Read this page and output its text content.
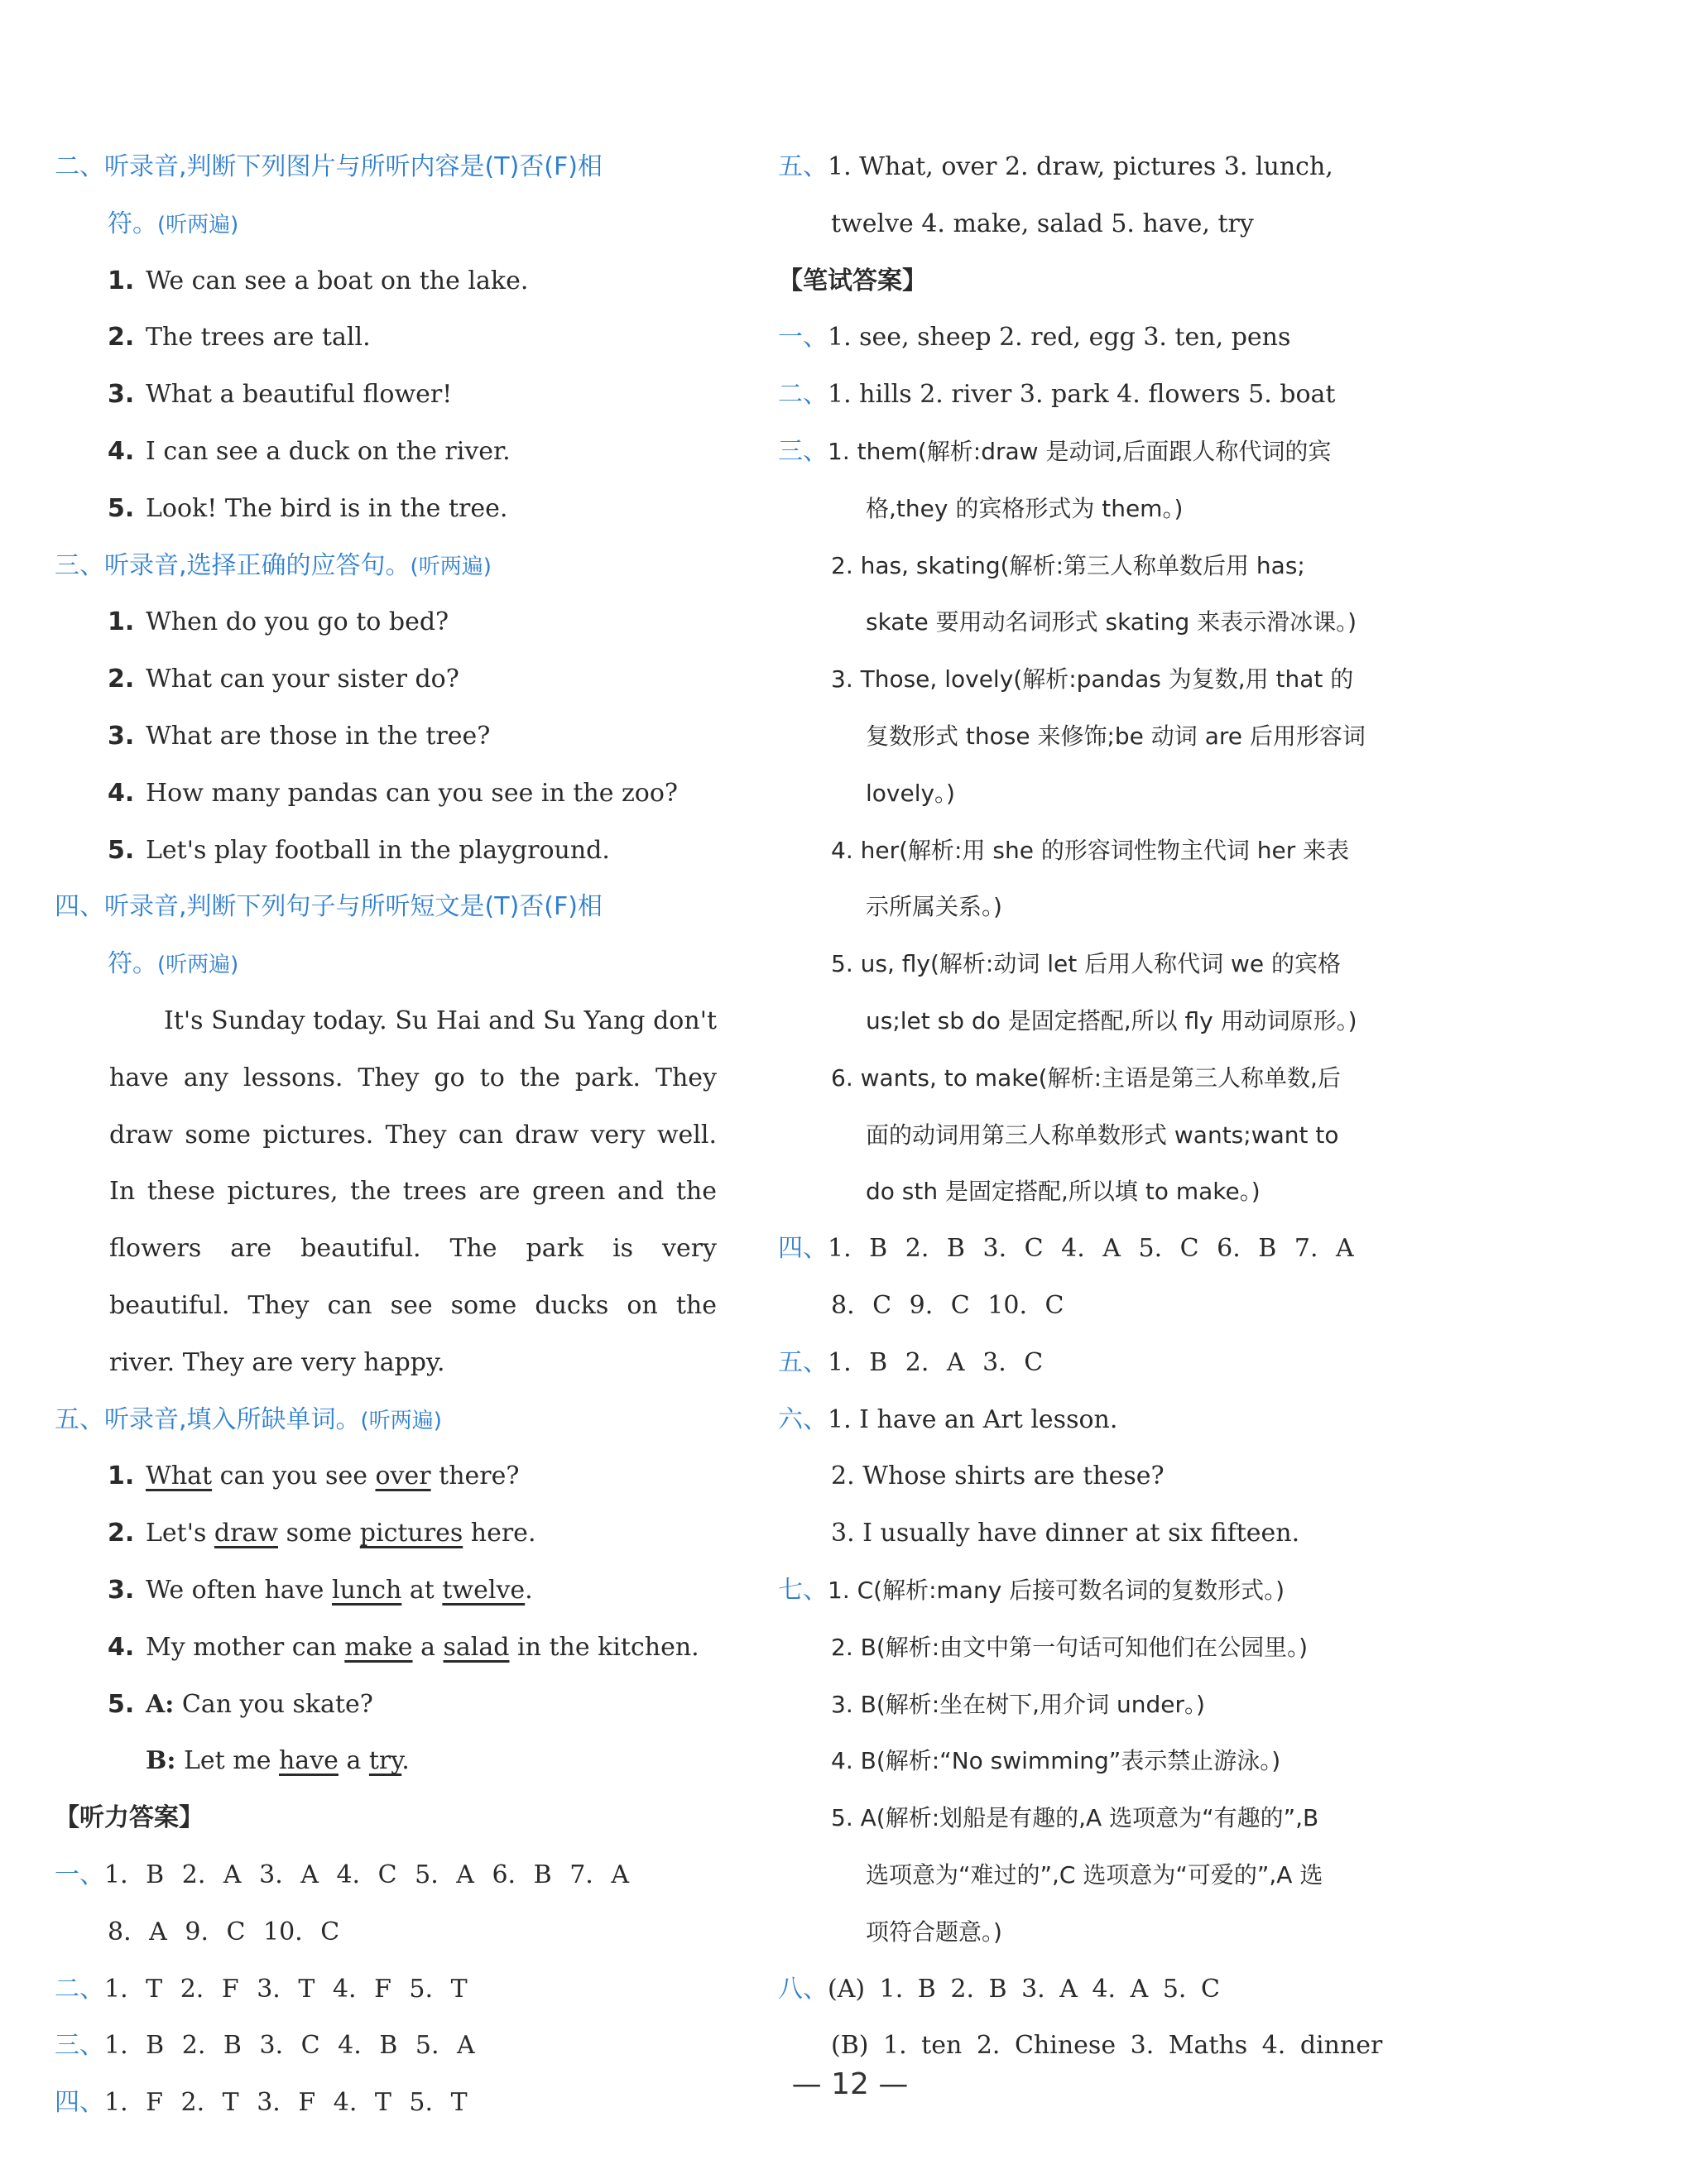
二、听录音,判断下列图片与所听内容是(T)否(F)相
符。(听两遍)
1. We can see a boat on the lake.
2. The trees are tall.
3. What a beautiful flower!
4. I can see a duck on the river.
5. Look! The bird is in the tree.
三、听录音,选择正确的应答句。(听两遍)
1. When do you go to bed?
2. What can your sister do?
3. What are those in the tree?
4. How many pandas can you see in the zoo?
5. Let's play football in the playground.
四、听录音,判断下列句子与所听短文是(T)否(F)相
符。(听两遍)
It's Sunday today. Su Hai and Su Yang don't have any lessons. They go to the park. They draw some pictures. They can draw very well. In these pictures, the trees are green and the flowers are beautiful. The park is very beautiful. They can see some ducks on the river. They are very happy.
五、听录音,填入所缺单词。(听两遍)
1. What can you see over there?
2. Let's draw some pictures here.
3. We often have lunch at twelve.
4. My mother can make a salad in the kitchen.
5. A: Can you skate?
B: Let me have a try.
【听力答案】
一、1. B 2. A 3. A 4. C 5. A 6. B 7. A
8. A 9. C 10. C
二、1. T 2. F 3. T 4. F 5. T
三、1. B 2. B 3. C 4. B 5. A
四、1. F 2. T 3. F 4. T 5. T
五、1. What, over 2. draw, pictures 3. lunch,
twelve 4. make, salad 5. have, try
【笔试答案】
一、1. see, sheep 2. red, egg 3. ten, pens
二、1. hills 2. river 3. park 4. flowers 5. boat
三、1. them(解析:draw 是动词,后面跟人称代词的宾
格,they 的宾格形式为 them。)
2. has, skating(解析:第三人称单数后用 has;
skate 要用动名词形式 skating 来表示滑冰课。)
3. Those, lovely(解析:pandas 为复数,用 that 的
复数形式 those 来修饰;be 动词 are 后用形容词
lovely。)
4. her(解析:用 she 的形容词性物主代词 her 来表
示所属关系。)
5. us, fly(解析:动词 let 后用人称代词 we 的宾格
us;let sb do 是固定搭配,所以 fly 用动词原形。)
6. wants, to make(解析:主语是第三人称单数,后
面的动词用第三人称单数形式 wants;want to
do sth 是固定搭配,所以填 to make。)
四、1. B 2. B 3. C 4. A 5. C 6. B 7. A
8. C 9. C 10. C
五、1. B 2. A 3. C
六、1. I have an Art lesson.
2. Whose shirts are these?
3. I usually have dinner at six fifteen.
七、1. C(解析:many 后接可数名词的复数形式。)
2. B(解析:由文中第一句话可知他们在公园里。)
3. B(解析:坐在树下,用介词 under。)
4. B(解析:“No swimming”表示禁止游泳。)
5. A(解析:划船是有趣的,A 选项意为“有趣的”,B
选项意为“难过的”,C 选项意为“可爱的”,A 选
项符合题意。)
八、(A) 1. B 2. B 3. A 4. A 5. C
(B) 1. ten 2. Chinese 3. Maths 4. dinner
— 12 —
